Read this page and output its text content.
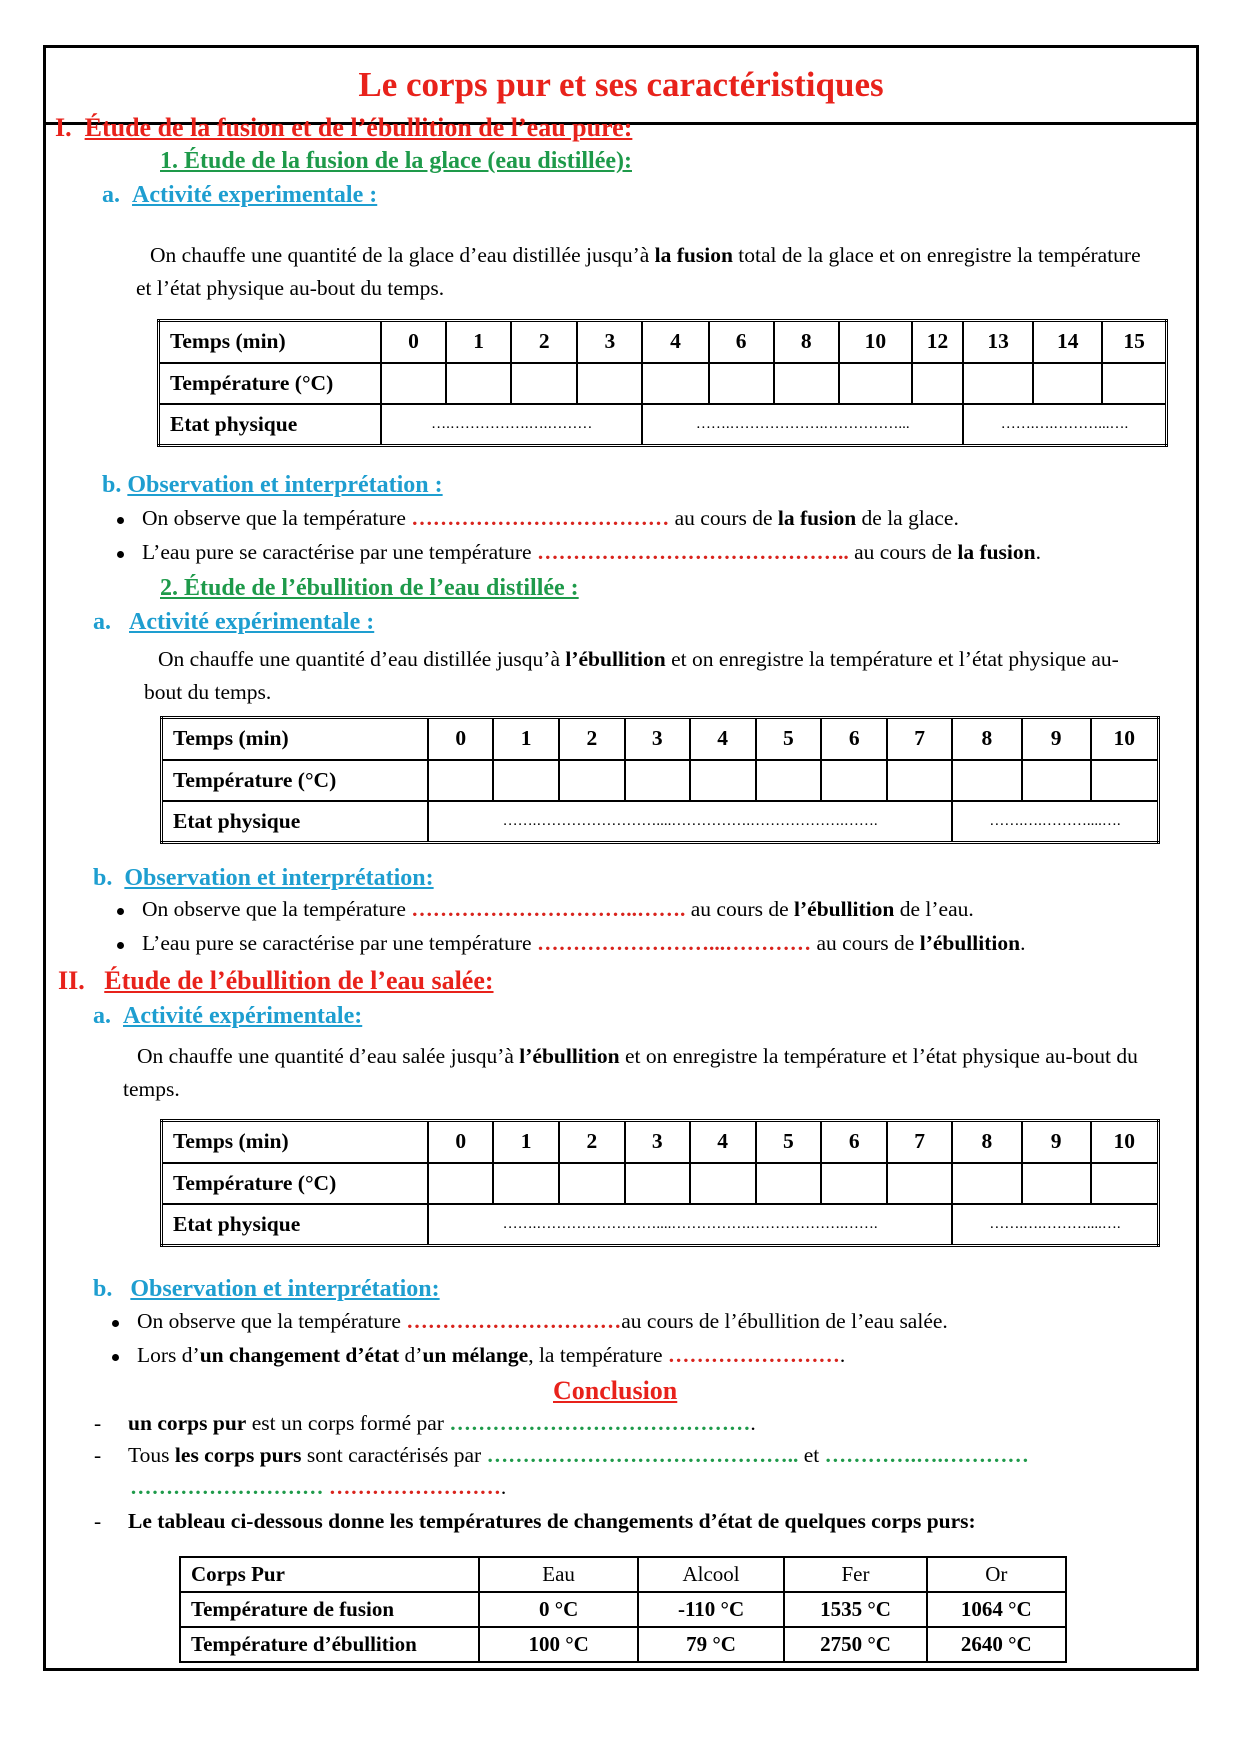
Le corps pur et ses caractéristiques
I. Étude de la fusion et de l’ébullition de l’eau pure:
1. Étude de la fusion de la glace (eau distillée):
a. Activité experimentale :
On chauffe une quantité de la glace d’eau distillée jusqu’à la fusion total de la glace et on enregistre la température et l’état physique au-bout du temps.
Temps (min)	0	1	2	3	4	6	8	10	12	13	14	15
Température (°C)												
Etat physique	….…………….….………				…….……………….……………...					…….….………...….		
b. Observation et interprétation :
On observe que la température ……………………………… au cours de la fusion de la glace.
L’eau pure se caractérise par une température …………………………………….. au cours de la fusion.
2. Étude de l’ébullition de l’eau distillée :
a. Activité expérimentale :
On chauffe une quantité d’eau distillée jusqu’à l’ébullition et on enregistre la température et l’état physique au-bout du temps.
Temps (min)	0	1	2	3	4	5	6	7	8	9	10
Température (°C)											
Etat physique	…….……………………....…………….……………….…….								…….….………....….		
b. Observation et interprétation:
On observe que la température …………………………..……. au cours de l’ébullition de l’eau.
L’eau pure se caractérise par une température ……………………...………… au cours de l’ébullition.
II. Étude de l’ébullition de l’eau salée:
a. Activité expérimentale:
On chauffe une quantité d’eau salée jusqu’à l’ébullition et on enregistre la température et l’état physique au-bout du temps.
Temps (min)	0	1	2	3	4	5	6	7	8	9	10
Température (°C)											
Etat physique	…….……………………....…………….……………….…….								…….….………....….		
b. Observation et interprétation:
On observe que la température …………………………au cours de l’ébullition de l’eau salée.
Lors d’un changement d’état d’un mélange, la température …………………….
Conclusion
- un corps pur est un corps formé par …………………………………….
- Tous les corps purs sont caractérisés par …………………………………….. et ………….….…………
……………………… …………………….
- Le tableau ci-dessous donne les températures de changements d’état de quelques corps purs:
Corps Pur	Eau	Alcool	Fer	Or
Température de fusion	0 °C	-110 °C	1535 °C	1064 °C
Température d’ébullition	100 °C	79 °C	2750 °C	2640 °C
